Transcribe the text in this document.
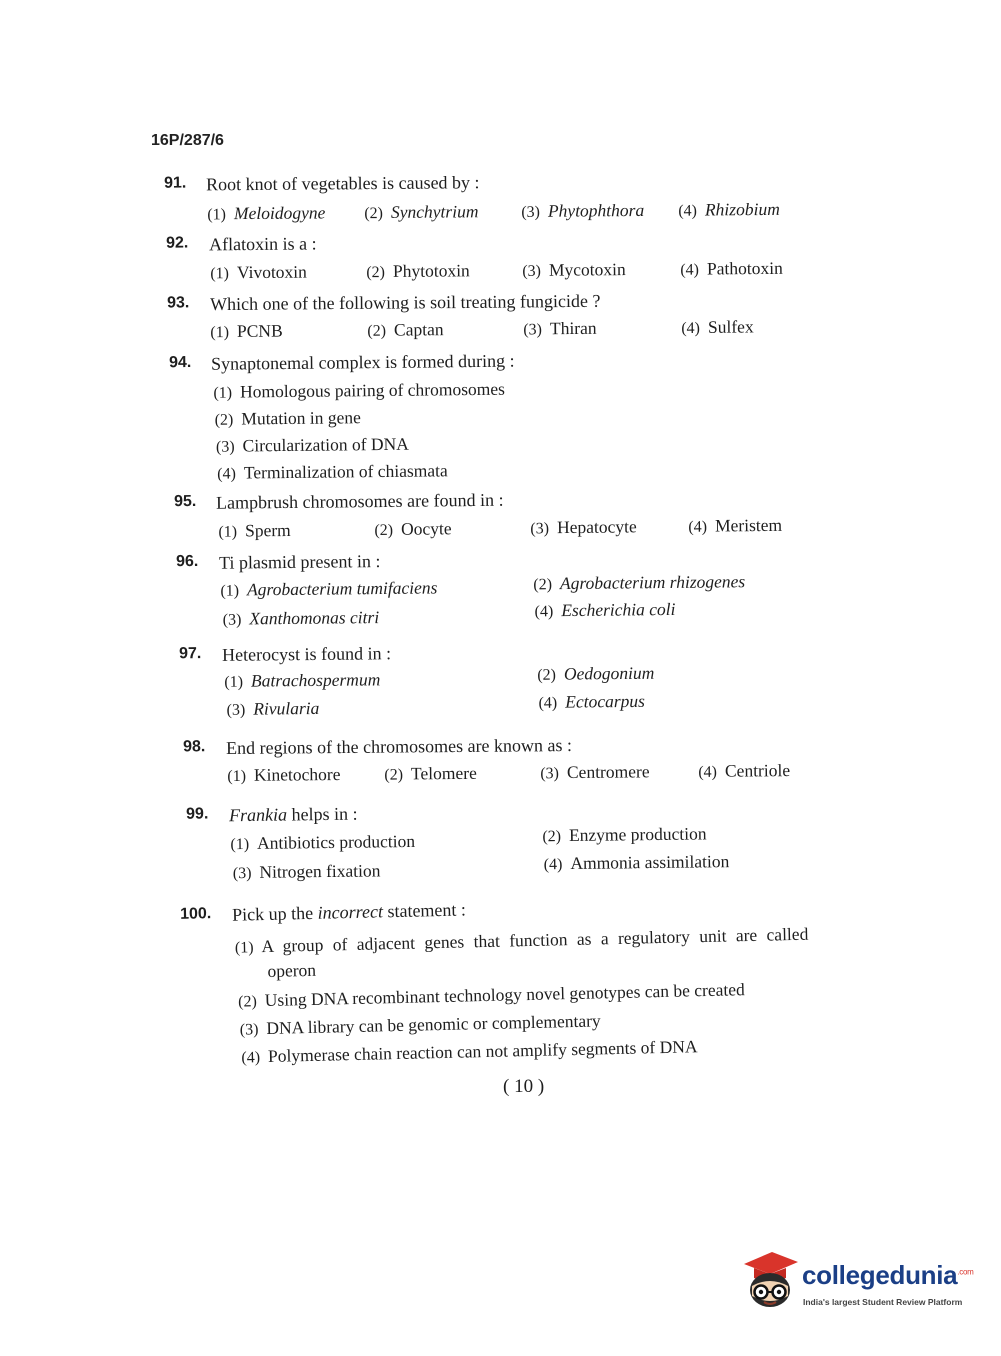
16P/287/6
91. Root knot of vegetables is caused by :
(1) Meloidogyne (2) Synchytrium	(3) Phytophthora (4) Rhizobium
92. Aflatoxin is a :
(1) Vivotoxin	(2) Phytotoxin	(3) Mycotoxin	(4) Pathotoxin
93. Which one of the following is soil treating fungicide ?
(1) PCNB	(2) Captan	(3) Thiran	(4) Sulfex
94. Synaptonemal complex is formed during :
(1) Homologous pairing of chromosomes
(2) Mutation in gene
(3) Circularization of DNA
(4) Terminalization of chiasmata
95. Lampbrush chromosomes are found in :
(1) Sperm	(2) Oocyte	(3) Hepatocyte	(4) Meristem
96. Ti plasmid present in :
(1) Agrobacterium tumifaciens	(2) Agrobacterium rhizogenes
(3) Xanthomonas citri	(4) Escherichia coli
97. Heterocyst is found in :
(1) Batrachospermum	(2) Oedogonium
(3) Rivularia	(4) Ectocarpus
98. End regions of the chromosomes are known as :
(1) Kinetochore	(2) Telomere	(3) Centromere	(4) Centriole
99. Frankia helps in :
(1) Antibiotics production	(2) Enzyme production
(3) Nitrogen fixation	(4) Ammonia assimilation
100. Pick up the incorrect statement :
(1) A group of adjacent genes that function as a regulatory unit are called
operon
(2) Using DNA recombinant technology novel genotypes can be created
(3) DNA library can be genomic or complementary
(4) Polymerase chain reaction can not amplify segments of DNA
( 10 )
collegedunia$^{.com}$
India's largest Student Review Platform
